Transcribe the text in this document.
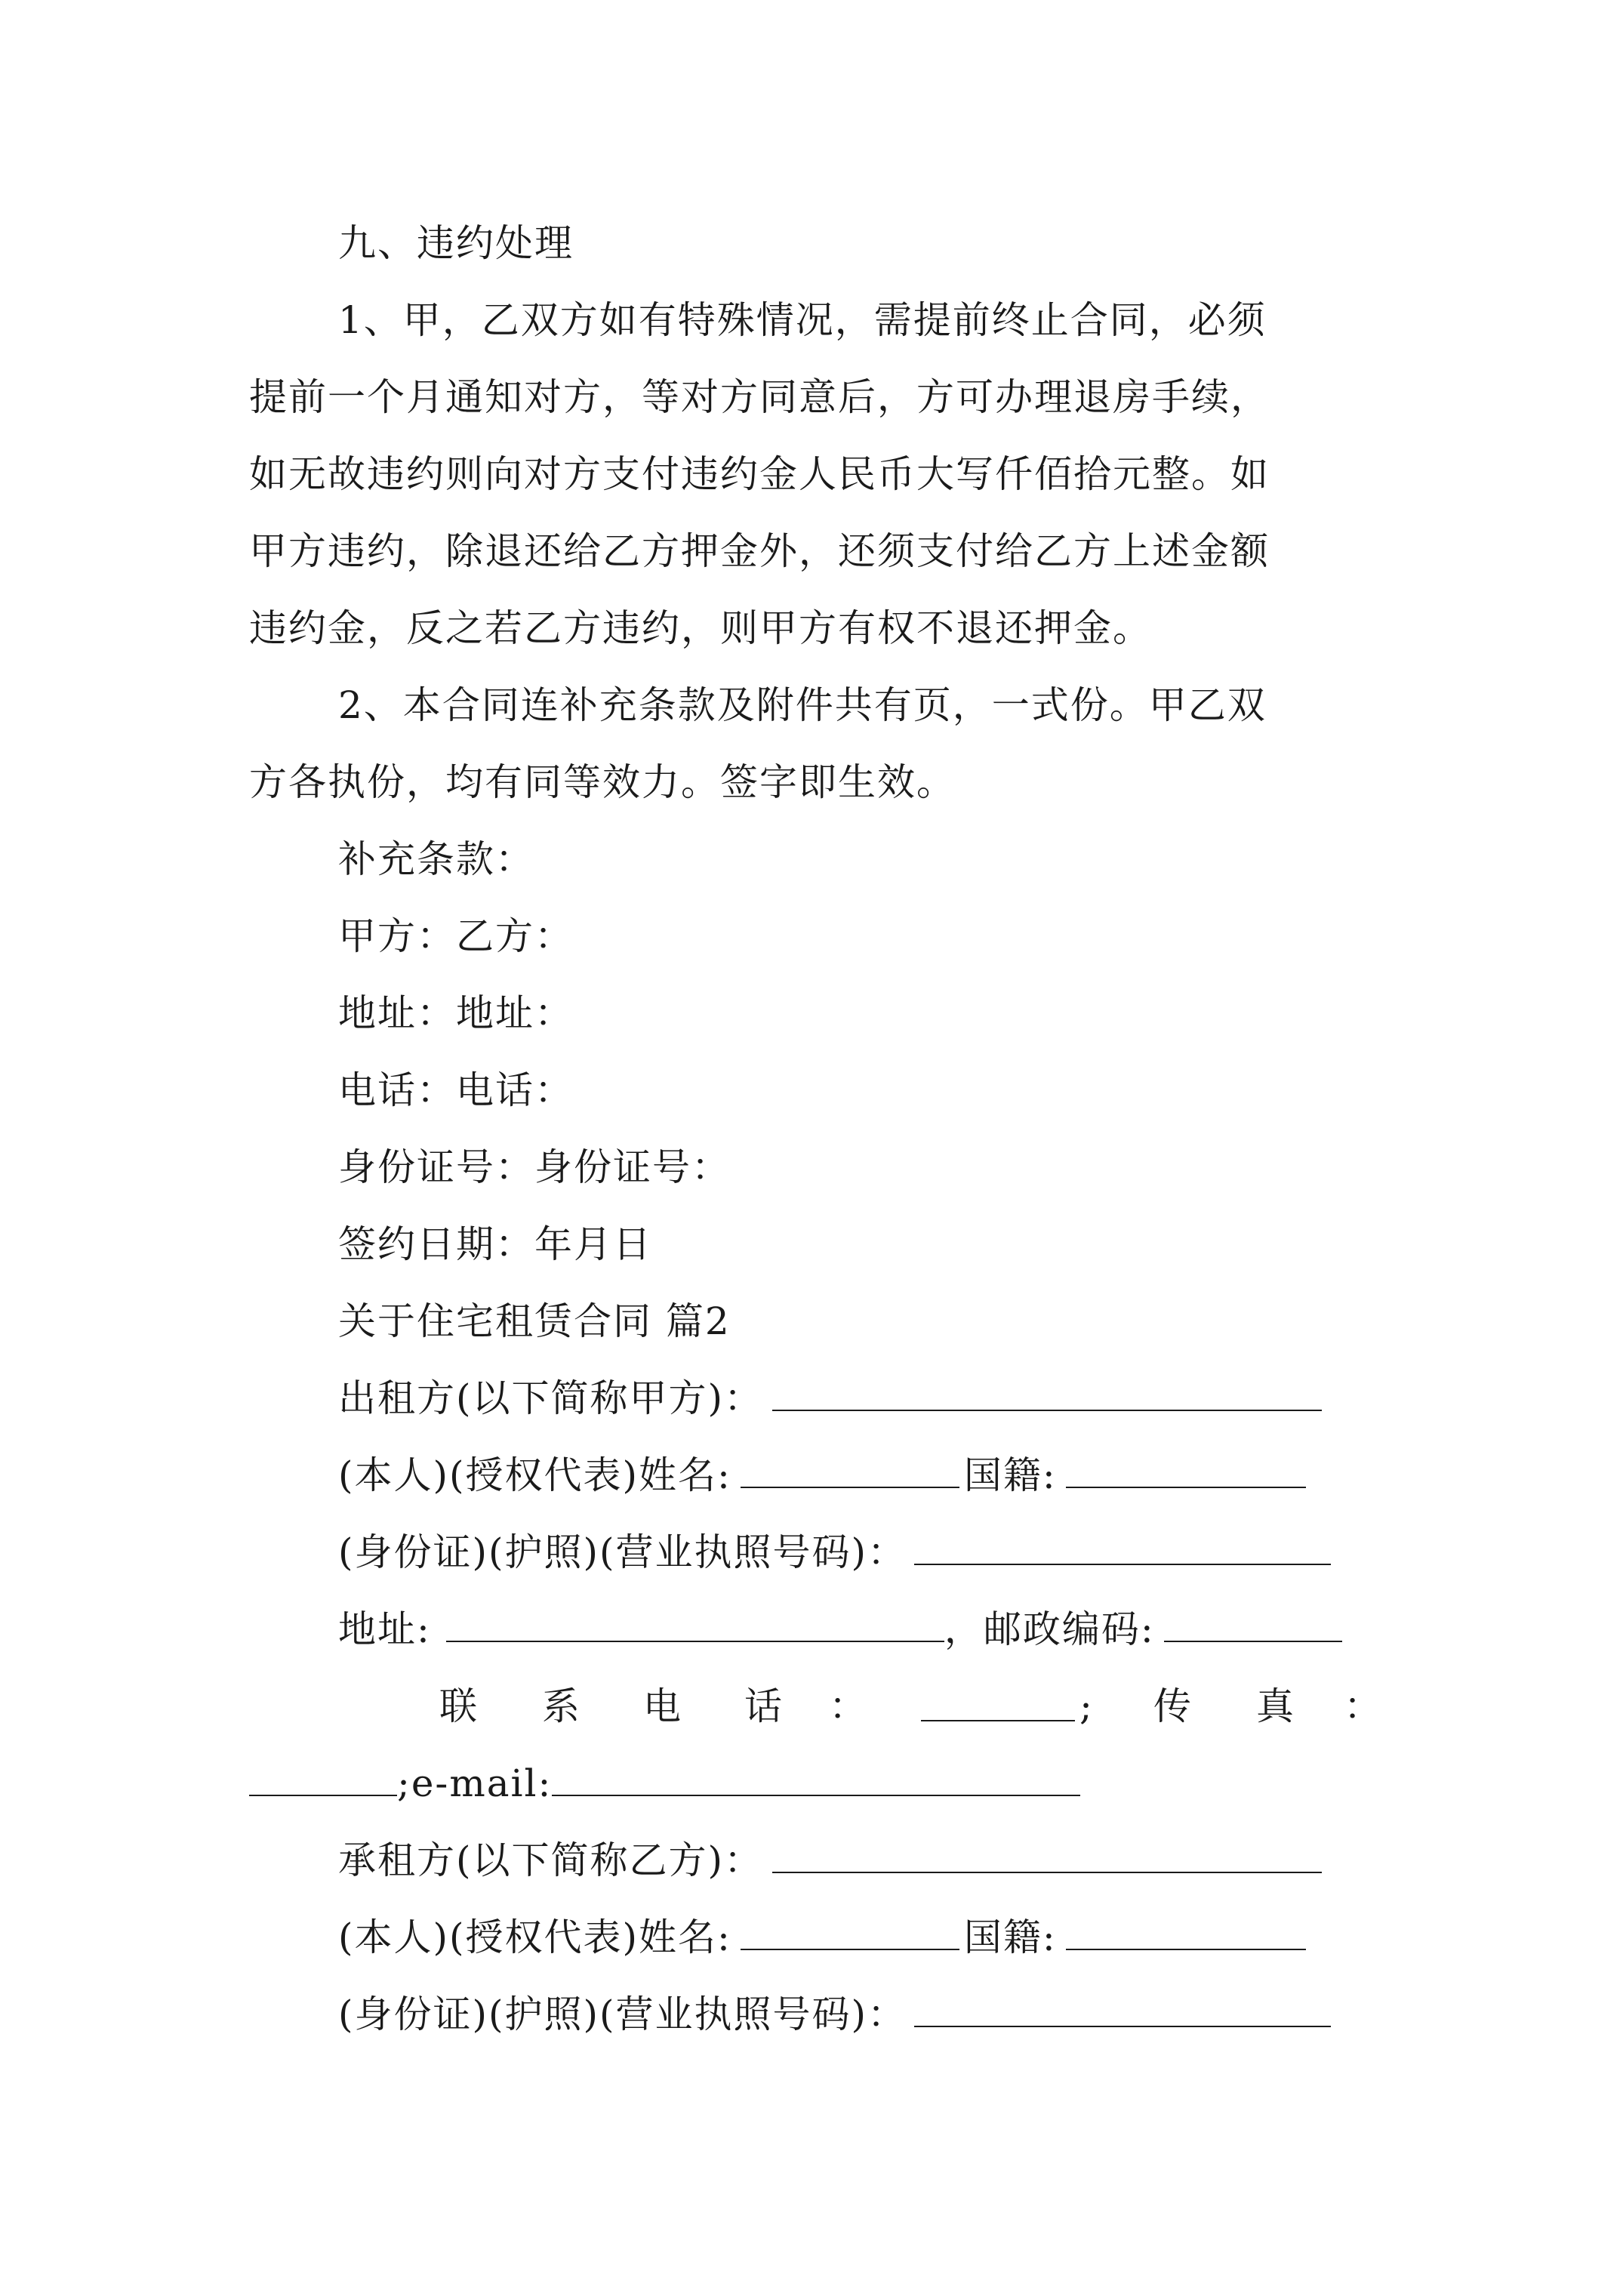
九、违约处理
1、甲，乙双方如有特殊情况，需提前终止合同，必须
提前一个月通知对方，等对方同意后，方可办理退房手续，
如无故违约则向对方支付违约金人民币大写仟佰拾元整。如
甲方违约，除退还给乙方押金外，还须支付给乙方上述金额
违约金，反之若乙方违约，则甲方有权不退还押金。
2、本合同连补充条款及附件共有页，一式份。甲乙双
方各执份，均有同等效力。签字即生效。
补充条款：
甲方：乙方：
地址：地址：
电话：电话：
身份证号：身份证号：
签约日期：年月日
关于住宅租赁合同 篇2
出租方(以下简称甲方)：
(本人)(授权代表)姓名:	国籍:
(身份证)(护照)(营业执照号码)：
地址:	，邮政编码:
联 系 电 话 ：	; 传 真 ：
;e-mail:
承租方(以下简称乙方)：
(本人)(授权代表)姓名:	国籍:
(身份证)(护照)(营业执照号码)：
